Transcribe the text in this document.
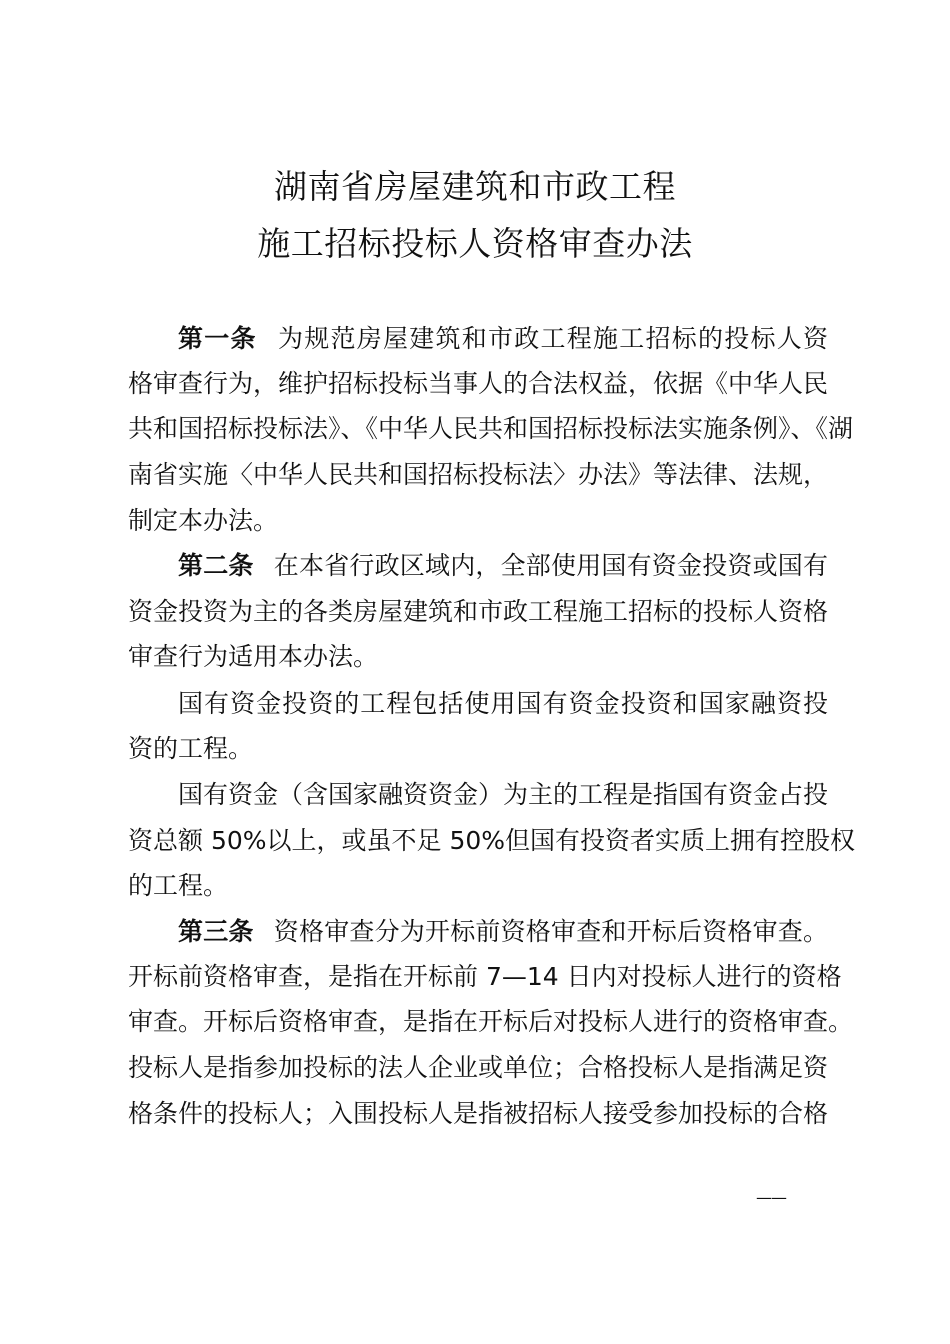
湖南省房屋建筑和市政工程
施工招标投标人资格审查办法

第一条 为规范房屋建筑和市政工程施工招标的投标人资

格审查行为，维护招标投标当事人的合法权益，依据《中华人民

共和国招标投标法》、《中华人民共和国招标投标法实施条例》、《湖

南省实施〈中华人民共和国招标投标法〉办法》等法律、法规，

制定本办法。

第二条 在本省行政区域内，全部使用国有资金投资或国有

资金投资为主的各类房屋建筑和市政工程施工招标的投标人资格

审查行为适用本办法。

国有资金投资的工程包括使用国有资金投资和国家融资投

资的工程。

国有资金（含国家融资资金）为主的工程是指国有资金占投

资总额 50%以上，或虽不足 50%但国有投资者实质上拥有控股权

的工程。

第三条 资格审查分为开标前资格审查和开标后资格审查。

开标前资格审查，是指在开标前 7—14 日内对投标人进行的资格

审查。开标后资格审查，是指在开标后对投标人进行的资格审查。

投标人是指参加投标的法人企业或单位；合格投标人是指满足资

格条件的投标人；入围投标人是指被招标人接受参加投标的合格

——
